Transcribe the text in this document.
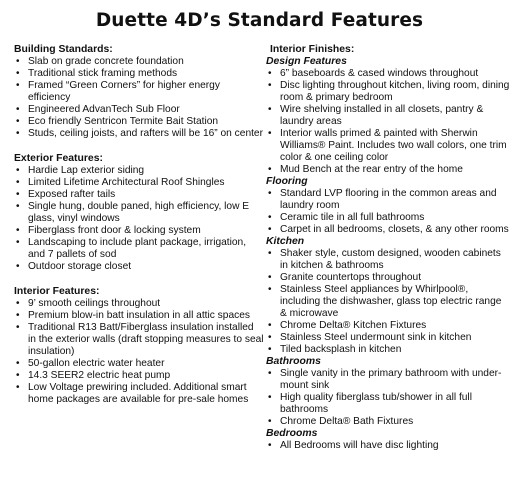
Duette 4D’s Standard Features
Building Standards:
• Slab on grade concrete foundation
• Traditional stick framing methods
• Framed “Green Corners” for higher energy efficiency
• Engineered AdvanTech Sub Floor
• Eco friendly Sentricon Termite Bait Station
• Studs, ceiling joists, and rafters will be 16” on center
Exterior Features:
• Hardie Lap exterior siding
• Limited Lifetime Architectural Roof Shingles
• Exposed rafter tails
• Single hung, double paned, high efficiency, low E glass, vinyl windows
• Fiberglass front door & locking system
• Landscaping to include plant package, irrigation, and 7 pallets of sod
• Outdoor storage closet
Interior Features:
• 9’ smooth ceilings throughout
• Premium blow-in batt insulation in all attic spaces
• Traditional R13 Batt/Fiberglass insulation installed in the exterior walls (draft stopping measures to seal insulation)
• 50-gallon electric water heater
• 14.3 SEER2 electric heat pump
• Low Voltage prewiring included. Additional smart home packages are available for pre-sale homes
Interior Finishes:
Design Features
• 6” baseboards & cased windows throughout
• Disc lighting throughout kitchen, living room, dining room & primary bedroom
• Wire shelving installed in all closets, pantry & laundry areas
• Interior walls primed & painted with Sherwin Williams® Paint. Includes two wall colors, one trim color & one ceiling color
• Mud Bench at the rear entry of the home
Flooring
• Standard LVP flooring in the common areas and laundry room
• Ceramic tile in all full bathrooms
• Carpet in all bedrooms, closets, & any other rooms
Kitchen
• Shaker style, custom designed, wooden cabinets in kitchen & bathrooms
• Granite countertops throughout
• Stainless Steel appliances by Whirlpool®, including the dishwasher, glass top electric range & microwave
• Chrome Delta® Kitchen Fixtures
• Stainless Steel undermount sink in kitchen
• Tiled backsplash in kitchen
Bathrooms
• Single vanity in the primary bathroom with under-mount sink
• High quality fiberglass tub/shower in all full bathrooms
• Chrome Delta® Bath Fixtures
Bedrooms
• All Bedrooms will have disc lighting
